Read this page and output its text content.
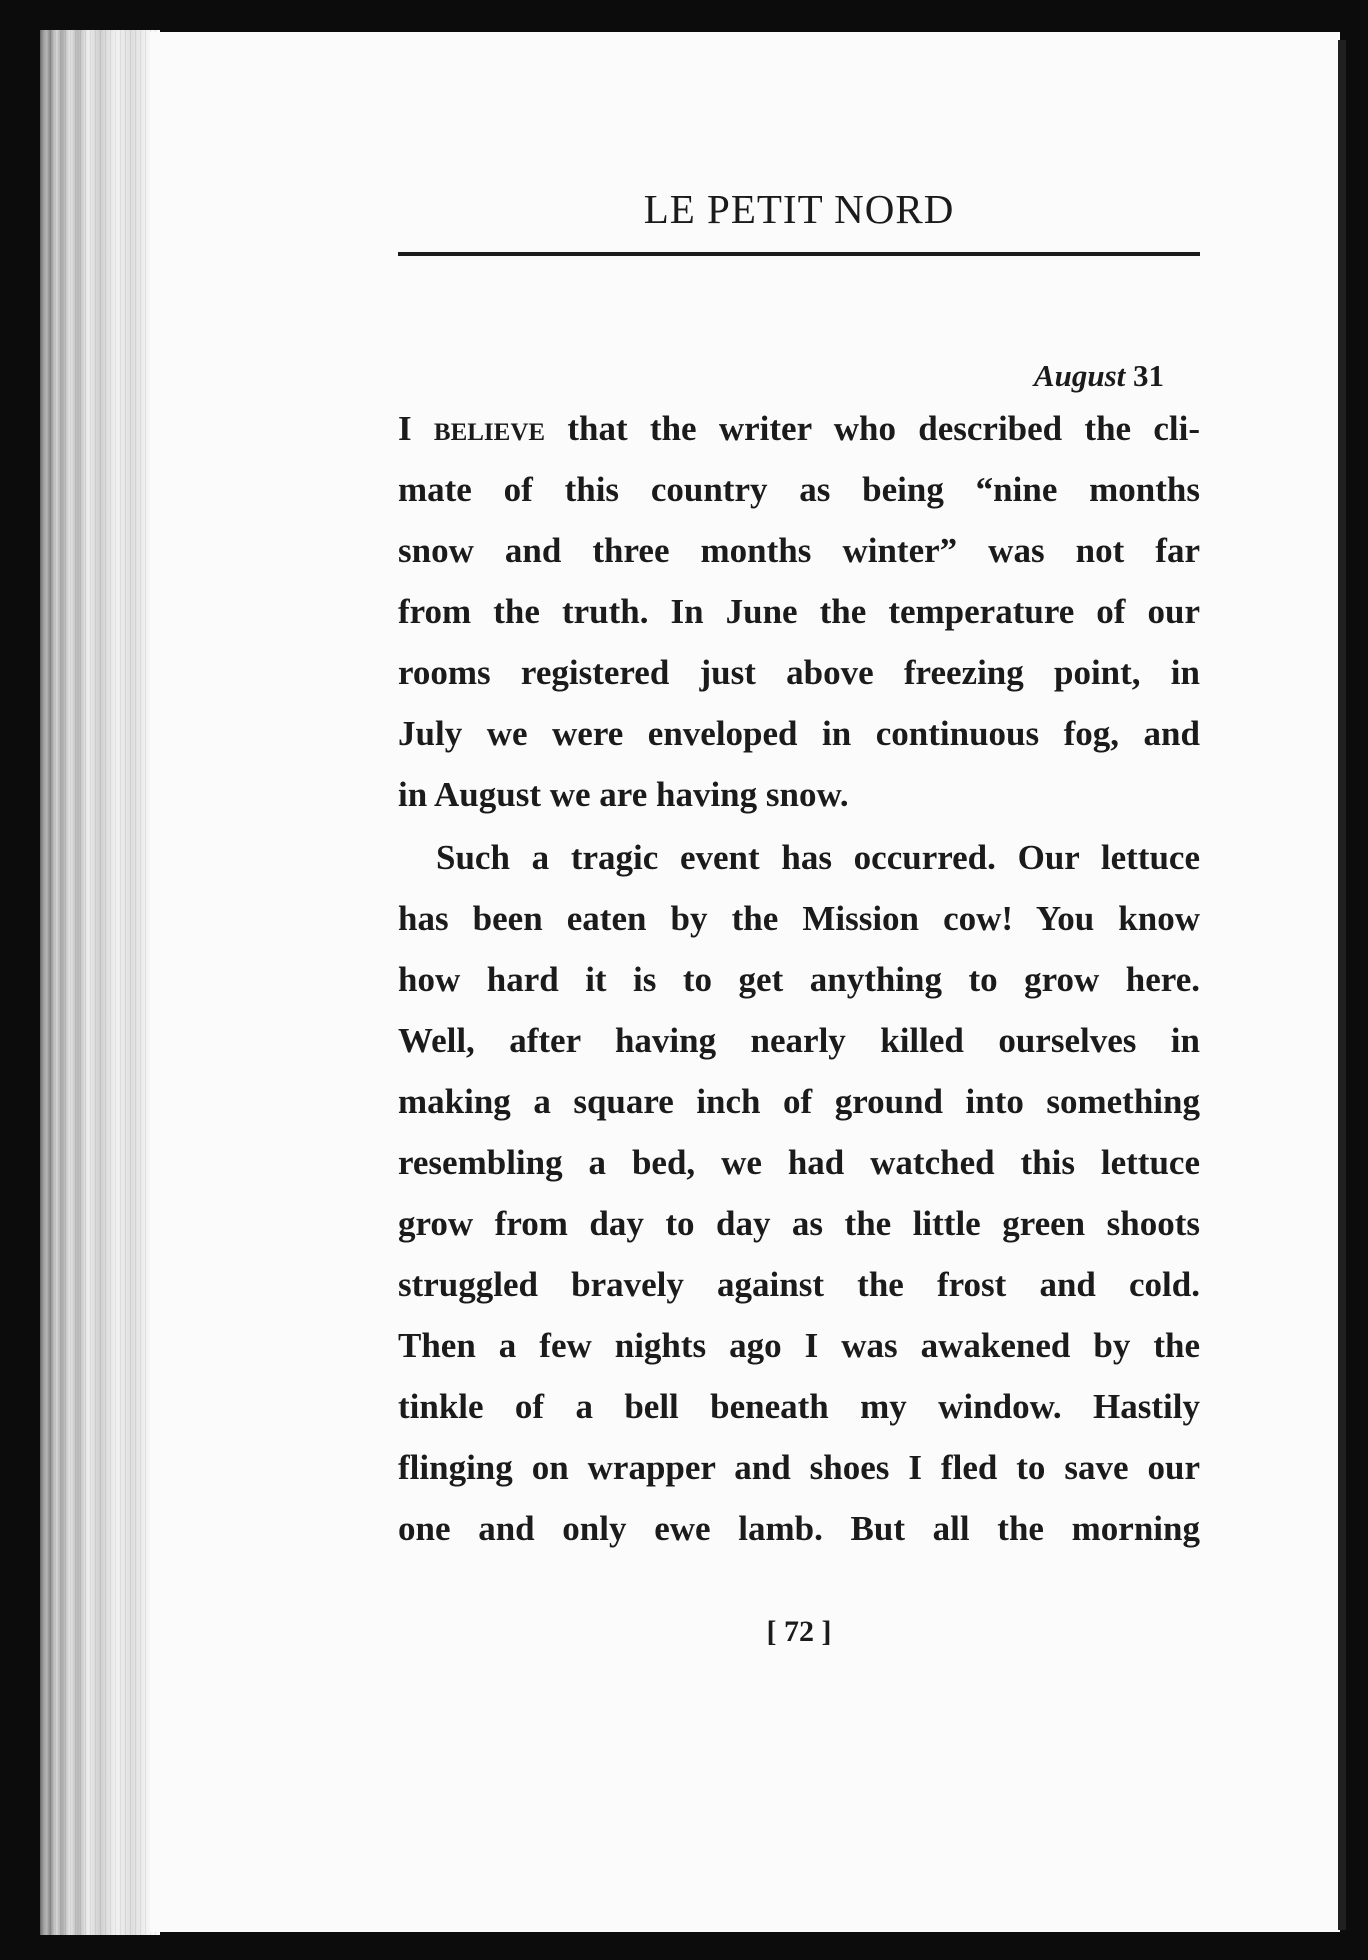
LE PETIT NORD
August 31
I believe that the writer who described the cli-
mate of this country as being “nine months
snow and three months winter” was not far
from the truth. In June the temperature of our
rooms registered just above freezing point, in
July we were enveloped in continuous fog, and
in August we are having snow.
Such a tragic event has occurred. Our lettuce
has been eaten by the Mission cow! You know
how hard it is to get anything to grow here.
Well, after having nearly killed ourselves in
making a square inch of ground into something
resembling a bed, we had watched this lettuce
grow from day to day as the little green shoots
struggled bravely against the frost and cold.
Then a few nights ago I was awakened by the
tinkle of a bell beneath my window. Hastily
flinging on wrapper and shoes I fled to save our
one and only ewe lamb. But all the morning
[ 72 ]
